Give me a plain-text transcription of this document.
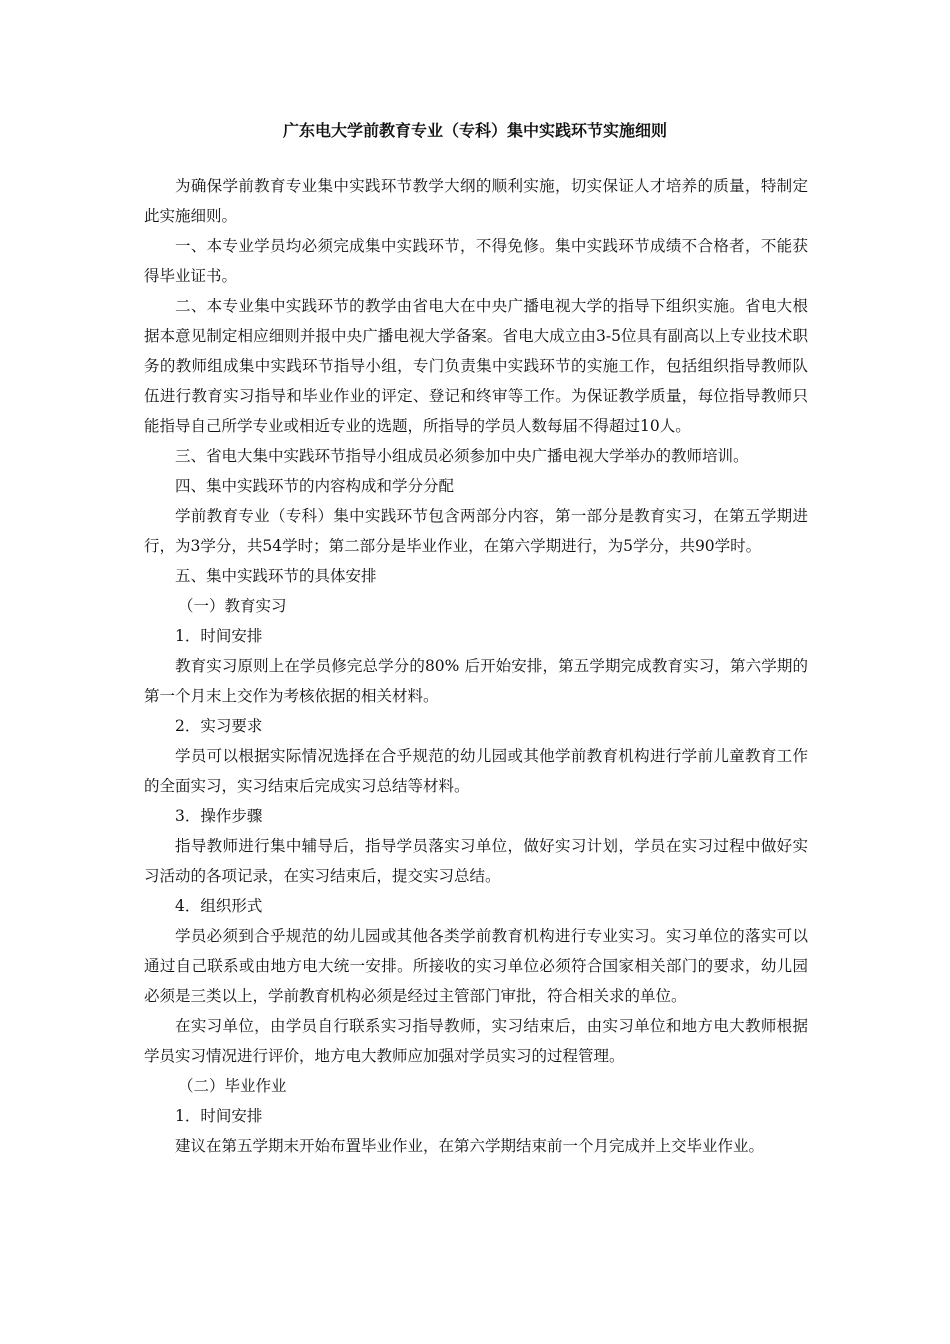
广东电大学前教育专业（专科）集中实践环节实施细则

为确保学前教育专业集中实践环节教学大纲的顺利实施，切实保证人才培养的质量，特制定此实施细则。

一、本专业学员均必须完成集中实践环节，不得免修。集中实践环节成绩不合格者，不能获得毕业证书。

二、本专业集中实践环节的教学由省电大在中央广播电视大学的指导下组织实施。省电大根据本意见制定相应细则并报中央广播电视大学备案。省电大成立由3-5位具有副高以上专业技术职务的教师组成集中实践环节指导小组，专门负责集中实践环节的实施工作，包括组织指导教师队伍进行教育实习指导和毕业作业的评定、登记和终审等工作。为保证教学质量，每位指导教师只能指导自己所学专业或相近专业的选题，所指导的学员人数每届不得超过10人。

三、省电大集中实践环节指导小组成员必须参加中央广播电视大学举办的教师培训。

四、集中实践环节的内容构成和学分分配

学前教育专业（专科）集中实践环节包含两部分内容，第一部分是教育实习，在第五学期进行，为3学分，共54学时；第二部分是毕业作业，在第六学期进行，为5学分，共90学时。

五、集中实践环节的具体安排

（一）教育实习

1．时间安排

教育实习原则上在学员修完总学分的80% 后开始安排，第五学期完成教育实习，第六学期的第一个月末上交作为考核依据的相关材料。

2．实习要求

学员可以根据实际情况选择在合乎规范的幼儿园或其他学前教育机构进行学前儿童教育工作的全面实习，实习结束后完成实习总结等材料。

3．操作步骤

指导教师进行集中辅导后，指导学员落实习单位，做好实习计划，学员在实习过程中做好实习活动的各项记录，在实习结束后，提交实习总结。

4．组织形式

学员必须到合乎规范的幼儿园或其他各类学前教育机构进行专业实习。实习单位的落实可以通过自己联系或由地方电大统一安排。所接收的实习单位必须符合国家相关部门的要求，幼儿园必须是三类以上，学前教育机构必须是经过主管部门审批，符合相关求的单位。

在实习单位，由学员自行联系实习指导教师，实习结束后，由实习单位和地方电大教师根据学员实习情况进行评价，地方电大教师应加强对学员实习的过程管理。

（二）毕业作业

1．时间安排

建议在第五学期末开始布置毕业作业，在第六学期结束前一个月完成并上交毕业作业。
